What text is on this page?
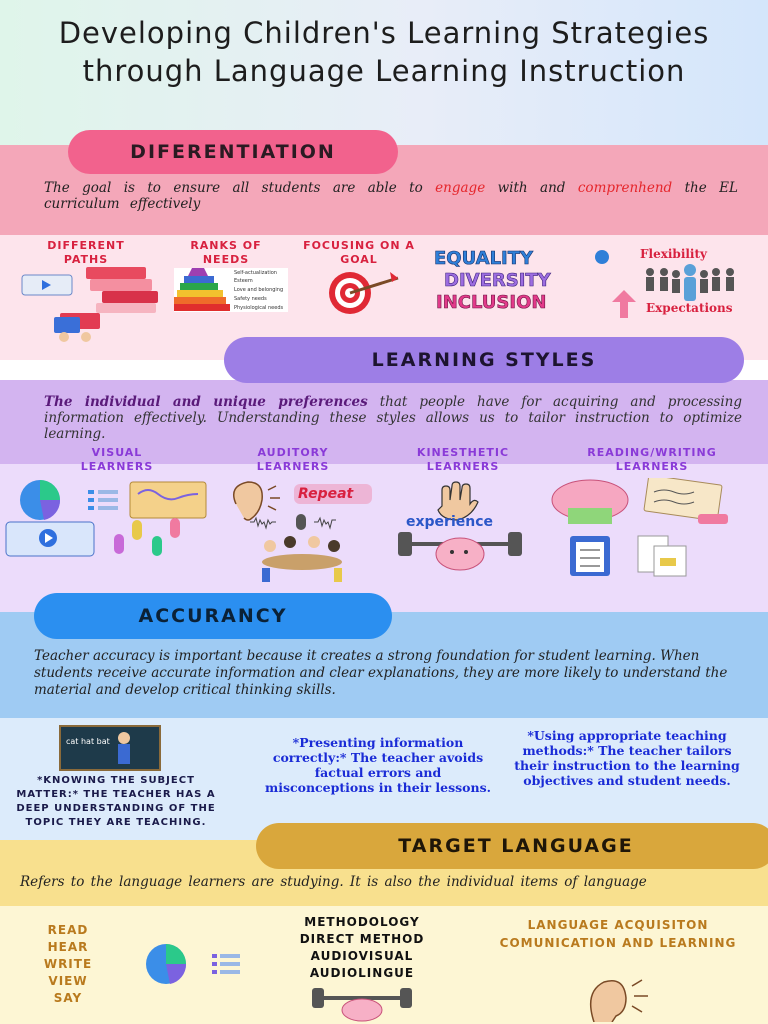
Developing Children's Learning Strategies through Language Learning Instruction
DIFERENTIATION
The goal is to ensure all students are able to engage with and comprenhend the EL curriculum effectively
DIFFERENT PATHS
RANKS OF NEEDS
FOCUSING ON A GOAL
Self-actualization
Esteem
Love and belonging
Safety needs
Physiological needs
EQUALITY
DIVERSITY
INCLUSION
Flexibility
Expectations
LEARNING STYLES
The individual and unique preferences that people have for acquiring and processing information effectively. Understanding these styles allows us to tailor instruction to optimize learning.
VISUAL LEARNERS
AUDITORY LEARNERS
KINESTHETIC LEARNERS
READING/WRITING LEARNERS
Repeat
experience
ACCURANCY
Teacher accuracy is important because it creates a strong foundation for student learning. When students receive accurate information and clear explanations, they are more likely to understand the material and develop critical thinking skills.
cat hat bat
*KNOWING THE SUBJECT MATTER:* THE TEACHER HAS A DEEP UNDERSTANDING OF THE TOPIC THEY ARE TEACHING.
*Presenting information correctly:* The teacher avoids factual errors and misconceptions in their lessons.
*Using appropriate teaching methods:* The teacher tailors their instruction to the learning objectives and student needs.
TARGET LANGUAGE
Refers to the language learners are studying. It is also the individual items of language
READ
HEAR
WRITE
VIEW
SAY
METHODOLOGY
DIRECT METHOD
AUDIOVISUAL
AUDIOLINGUE
LANGUAGE ACQUISITON COMUNICATION AND LEARNING
